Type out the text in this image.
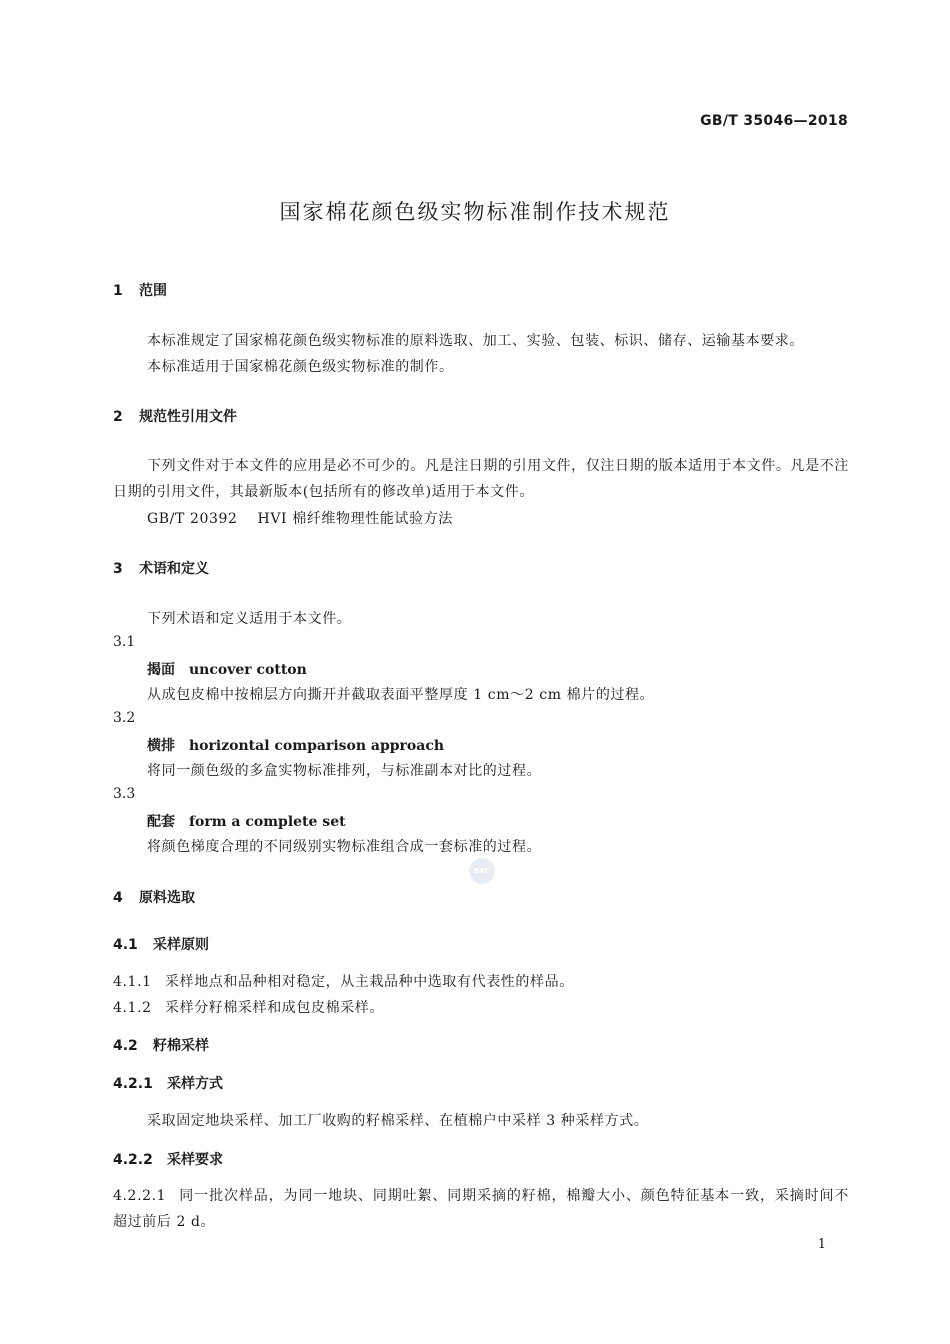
GB/T 35046—2018
国家棉花颜色级实物标准制作技术规范
1 范围
本标准规定了国家棉花颜色级实物标准的原料选取、加工、实验、包装、标识、储存、运输基本要求。
本标准适用于国家棉花颜色级实物标准的制作。
2 规范性引用文件
下列文件对于本文件的应用是必不可少的。凡是注日期的引用文件，仅注日期的版本适用于本文件。凡是不注日期的引用文件，其最新版本(包括所有的修改单)适用于本文件。
GB/T 20392 HVI 棉纤维物理性能试验方法
3 术语和定义
下列术语和定义适用于本文件。
3.1
揭面 uncover cotton
从成包皮棉中按棉层方向撕开并截取表面平整厚度 1 cm～2 cm 棉片的过程。
3.2
横排 horizontal comparison approach
将同一颜色级的多盒实物标准排列，与标准副本对比的过程。
3.3
配套 form a complete set
将颜色梯度合理的不同级别实物标准组合成一套标准的过程。
SAC
4 原料选取
4.1 采样原则
4.1.1 采样地点和品种相对稳定，从主栽品种中选取有代表性的样品。
4.1.2 采样分籽棉采样和成包皮棉采样。
4.2 籽棉采样
4.2.1 采样方式
采取固定地块采样、加工厂收购的籽棉采样、在植棉户中采样 3 种采样方式。
4.2.2 采样要求
4.2.2.1 同一批次样品，为同一地块、同期吐絮、同期采摘的籽棉，棉瓣大小、颜色特征基本一致，采摘时间不超过前后 2 d。
1
